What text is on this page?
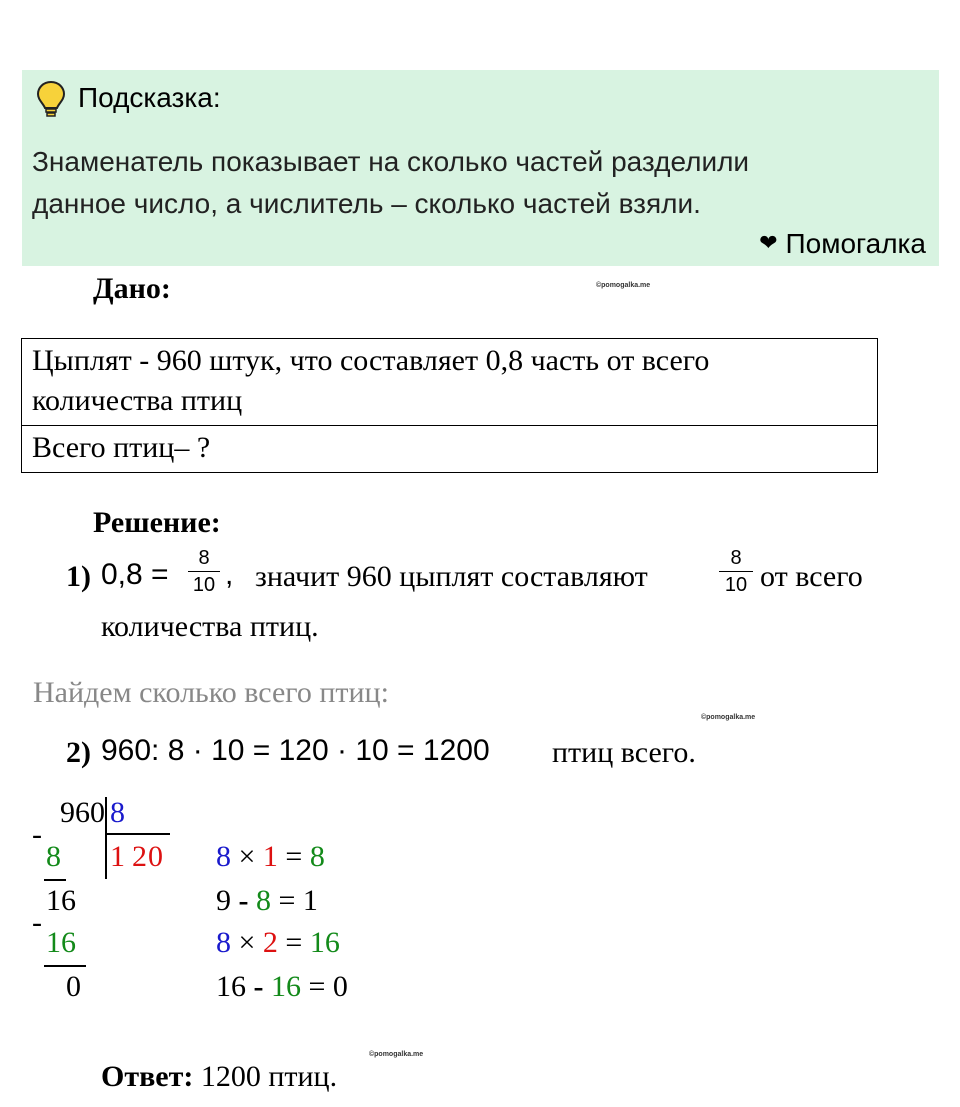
Подсказка:
Знаменатель показывает на сколько частей разделили
данное число, а числитель – сколько частей взяли.
❤ Помогалка
Дано:	©pomogalka.me
Цыплят - 960 штук, что составляет 0,8 часть от всего
количества птиц
Всего птиц– ?
Решение:
1) 0,8 =	8
10 , значит 960 цыплят составляют
8
10 от всего
количества птиц.
Найдем сколько всего птиц:
©pomogalka.me
2) 960: 8 · 10 = 120 · 10 = 1200 птиц всего.
960 8
1 2 0
-
8
16
-
16
0
8 × 1 = 8
9 - 8 = 1
8 × 2 = 16
16 - 16 = 0
©pomogalka.me
Ответ: 1200 птиц.
